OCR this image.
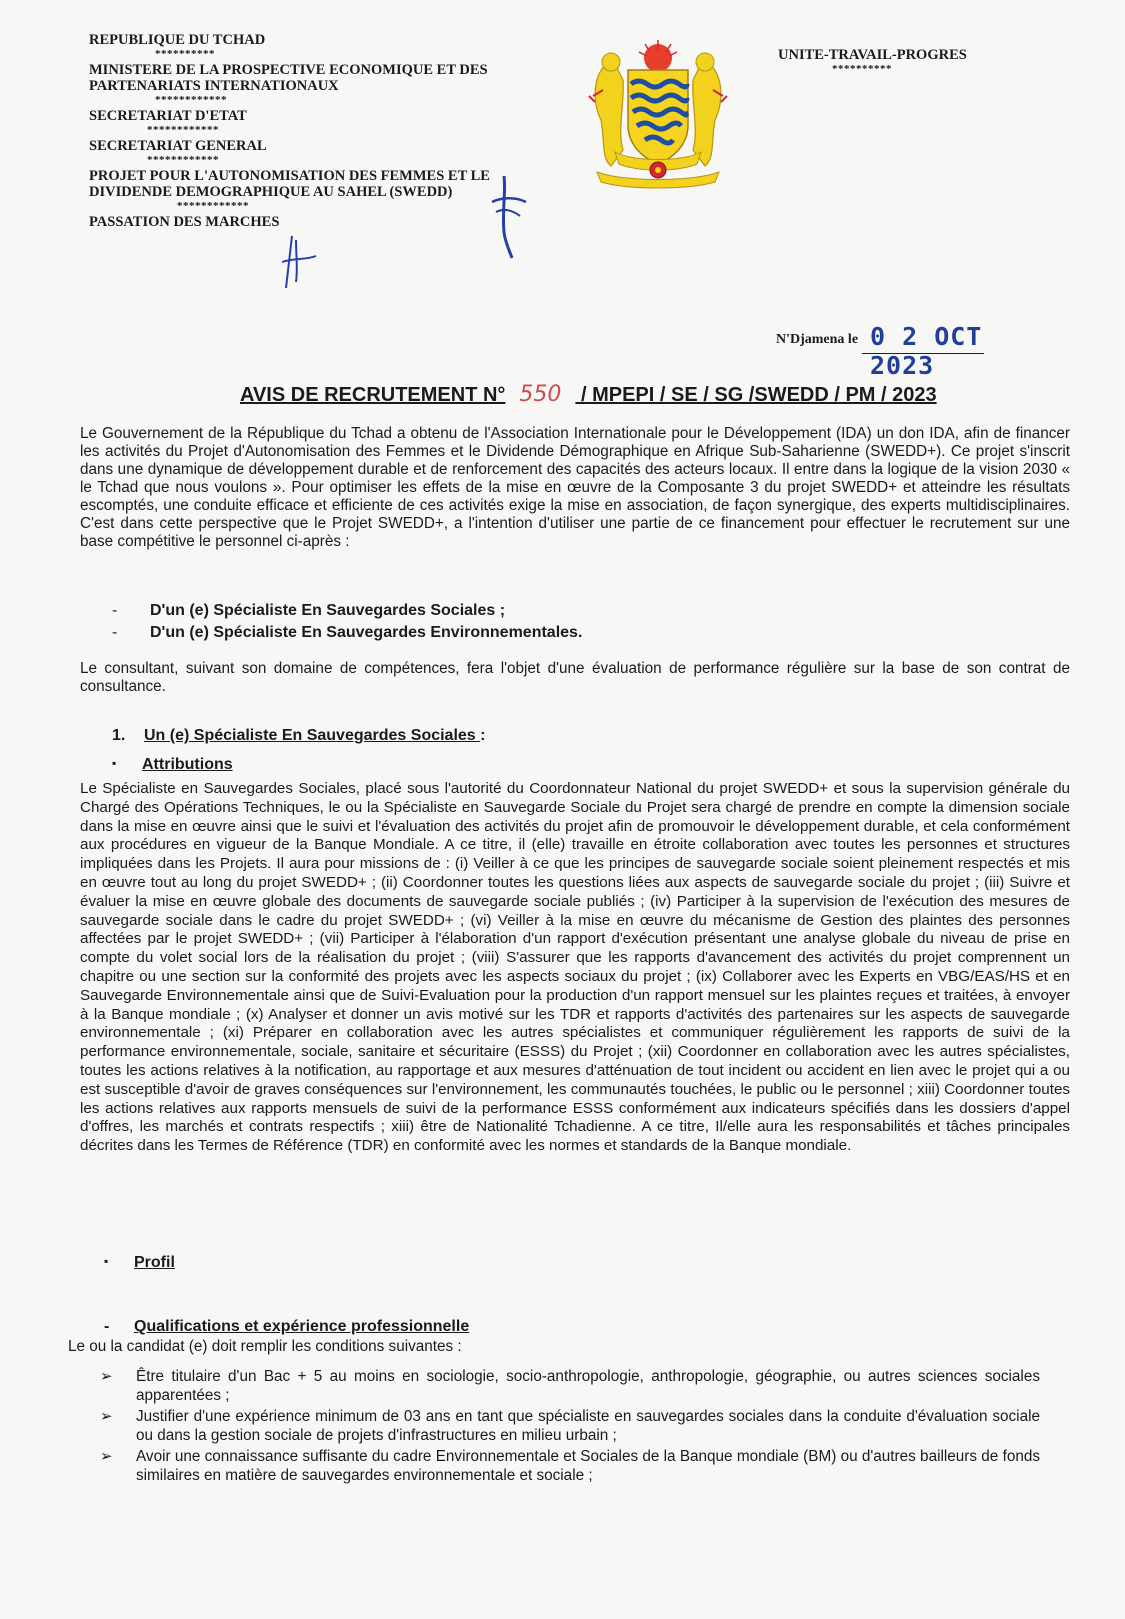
REPUBLIQUE DU TCHAD

**********

MINISTERE DE LA PROSPECTIVE ECONOMIQUE ET DES PARTENARIATS INTERNATIONAUX

************

SECRETARIAT D'ETAT

************

SECRETARIAT GENERAL

************

PROJET POUR L'AUTONOMISATION DES FEMMES ET LE DIVIDENDE DEMOGRAPHIQUE AU SAHEL (SWEDD)

************

PASSATION DES MARCHES

UNITE-TRAVAIL-PROGRES

**********

N'Djamena le 0 2 OCT 2023
AVIS DE RECRUTEMENT N° 550 / MPEPI / SE / SG /SWEDD / PM / 2023

Le Gouvernement de la République du Tchad a obtenu de l'Association Internationale pour le Développement (IDA) un don IDA, afin de financer les activités du Projet d'Autonomisation des Femmes et le Dividende Démographique en Afrique Sub-Saharienne (SWEDD+). Ce projet s'inscrit dans une dynamique de développement durable et de renforcement des capacités des acteurs locaux. Il entre dans la logique de la vision 2030 « le Tchad que nous voulons ». Pour optimiser les effets de la mise en œuvre de la Composante 3 du projet SWEDD+ et atteindre les résultats escomptés, une conduite efficace et efficiente de ces activités exige la mise en association, de façon synergique, des experts multidisciplinaires. C'est dans cette perspective que le Projet SWEDD+, a l'intention d'utiliser une partie de ce financement pour effectuer le recrutement sur une base compétitive le personnel ci-après :

-	D'un (e) Spécialiste En Sauvegardes Sociales ;
-	D'un (e) Spécialiste En Sauvegardes Environnementales.

Le consultant, suivant son domaine de compétences, fera l'objet d'une évaluation de performance régulière sur la base de son contrat de consultance.

1. Un (e) Spécialiste En Sauvegardes Sociales :
▪ Attributions

Le Spécialiste en Sauvegardes Sociales, placé sous l'autorité du Coordonnateur National du projet SWEDD+ et sous la supervision générale du Chargé des Opérations Techniques, le ou la Spécialiste en Sauvegarde Sociale du Projet sera chargé de prendre en compte la dimension sociale dans la mise en œuvre ainsi que le suivi et l'évaluation des activités du projet afin de promouvoir le développement durable, et cela conformément aux procédures en vigueur de la Banque Mondiale. A ce titre, il (elle) travaille en étroite collaboration avec toutes les personnes et structures impliquées dans les Projets. Il aura pour missions de : (i) Veiller à ce que les principes de sauvegarde sociale soient pleinement respectés et mis en œuvre tout au long du projet SWEDD+ ; (ii) Coordonner toutes les questions liées aux aspects de sauvegarde sociale du projet ; (iii) Suivre et évaluer la mise en œuvre globale des documents de sauvegarde sociale publiés ; (iv) Participer à la supervision de l'exécution des mesures de sauvegarde sociale dans le cadre du projet SWEDD+ ; (vi) Veiller à la mise en œuvre du mécanisme de Gestion des plaintes des personnes affectées par le projet SWEDD+ ; (vii) Participer à l'élaboration d'un rapport d'exécution présentant une analyse globale du niveau de prise en compte du volet social lors de la réalisation du projet ; (viii) S'assurer que les rapports d'avancement des activités du projet comprennent un chapitre ou une section sur la conformité des projets avec les aspects sociaux du projet ; (ix) Collaborer avec les Experts en VBG/EAS/HS et en Sauvegarde Environnementale ainsi que de Suivi-Evaluation pour la production d'un rapport mensuel sur les plaintes reçues et traitées, à envoyer à la Banque mondiale ; (x) Analyser et donner un avis motivé sur les TDR et rapports d'activités des partenaires sur les aspects de sauvegarde environnementale ; (xi) Préparer en collaboration avec les autres spécialistes et communiquer régulièrement les rapports de suivi de la performance environnementale, sociale, sanitaire et sécuritaire (ESSS) du Projet ; (xii) Coordonner en collaboration avec les autres spécialistes, toutes les actions relatives à la notification, au rapportage et aux mesures d'atténuation de tout incident ou accident en lien avec le projet qui a ou est susceptible d'avoir de graves conséquences sur l'environnement, les communautés touchées, le public ou le personnel ; xiii) Coordonner toutes les actions relatives aux rapports mensuels de suivi de la performance ESSS conformément aux indicateurs spécifiés dans les dossiers d'appel d'offres, les marchés et contrats respectifs ; xiii) être de Nationalité Tchadienne. A ce titre, Il/elle aura les responsabilités et tâches principales décrites dans les Termes de Référence (TDR) en conformité avec les normes et standards de la Banque mondiale.

▪ Profil
- Qualifications et expérience professionnelle

Le ou la candidat (e) doit remplir les conditions suivantes :

➢	Être titulaire d'un Bac + 5 au moins en sociologie, socio-anthropologie, anthropologie, géographie, ou autres sciences sociales apparentées ;
➢	Justifier d'une expérience minimum de 03 ans en tant que spécialiste en sauvegardes sociales dans la conduite d'évaluation sociale ou dans la gestion sociale de projets d'infrastructures en milieu urbain ;
➢	Avoir une connaissance suffisante du cadre Environnementale et Sociales de la Banque mondiale (BM) ou d'autres bailleurs de fonds similaires en matière de sauvegardes environnementale et sociale ;
